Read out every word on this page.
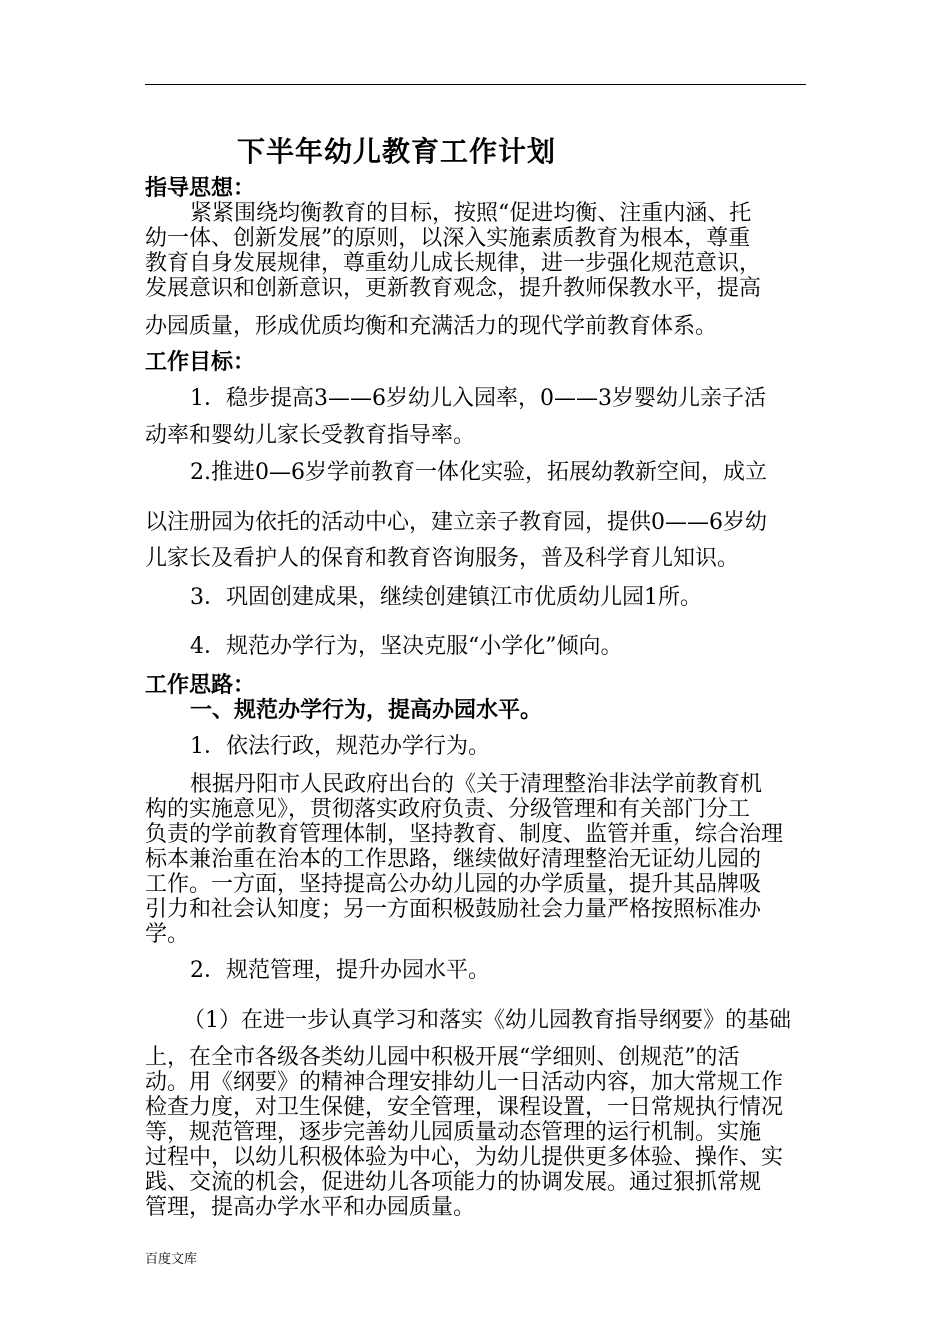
下半年幼儿教育工作计划
指导思想：
紧紧围绕均衡教育的目标，按照“促进均衡、注重内涵、托
幼一体、创新发展”的原则，以深入实施素质教育为根本，尊重
教育自身发展规律，尊重幼儿成长规律，进一步强化规范意识，
发展意识和创新意识，更新教育观念，提升教师保教水平，提高
办园质量，形成优质均衡和充满活力的现代学前教育体系。
工作目标：
1．稳步提高3——6岁幼儿入园率，0——3岁婴幼儿亲子活
动率和婴幼儿家长受教育指导率。
2.推进0—6岁学前教育一体化实验，拓展幼教新空间，成立
以注册园为依托的活动中心，建立亲子教育园，提供0——6岁幼
儿家长及看护人的保育和教育咨询服务，普及科学育儿知识。
3．巩固创建成果，继续创建镇江市优质幼儿园1所。
4．规范办学行为，坚决克服“小学化”倾向。
工作思路：
一、规范办学行为，提高办园水平。
1．依法行政，规范办学行为。
根据丹阳市人民政府出台的《关于清理整治非法学前教育机
构的实施意见》，贯彻落实政府负责、分级管理和有关部门分工
负责的学前教育管理体制，坚持教育、制度、监管并重，综合治理
标本兼治重在治本的工作思路，继续做好清理整治无证幼儿园的
工作。一方面，坚持提高公办幼儿园的办学质量，提升其品牌吸
引力和社会认知度；另一方面积极鼓励社会力量严格按照标准办
学。
2．规范管理，提升办园水平。
（1）在进一步认真学习和落实《幼儿园教育指导纲要》的基础
上，在全市各级各类幼儿园中积极开展“学细则、创规范”的活
动。用《纲要》的精神合理安排幼儿一日活动内容，加大常规工作
检查力度，对卫生保健，安全管理，课程设置，一日常规执行情况
等，规范管理，逐步完善幼儿园质量动态管理的运行机制。实施
过程中，以幼儿积极体验为中心，为幼儿提供更多体验、操作、实
践、交流的机会，促进幼儿各项能力的协调发展。通过狠抓常规
管理，提高办学水平和办园质量。
百度文库
